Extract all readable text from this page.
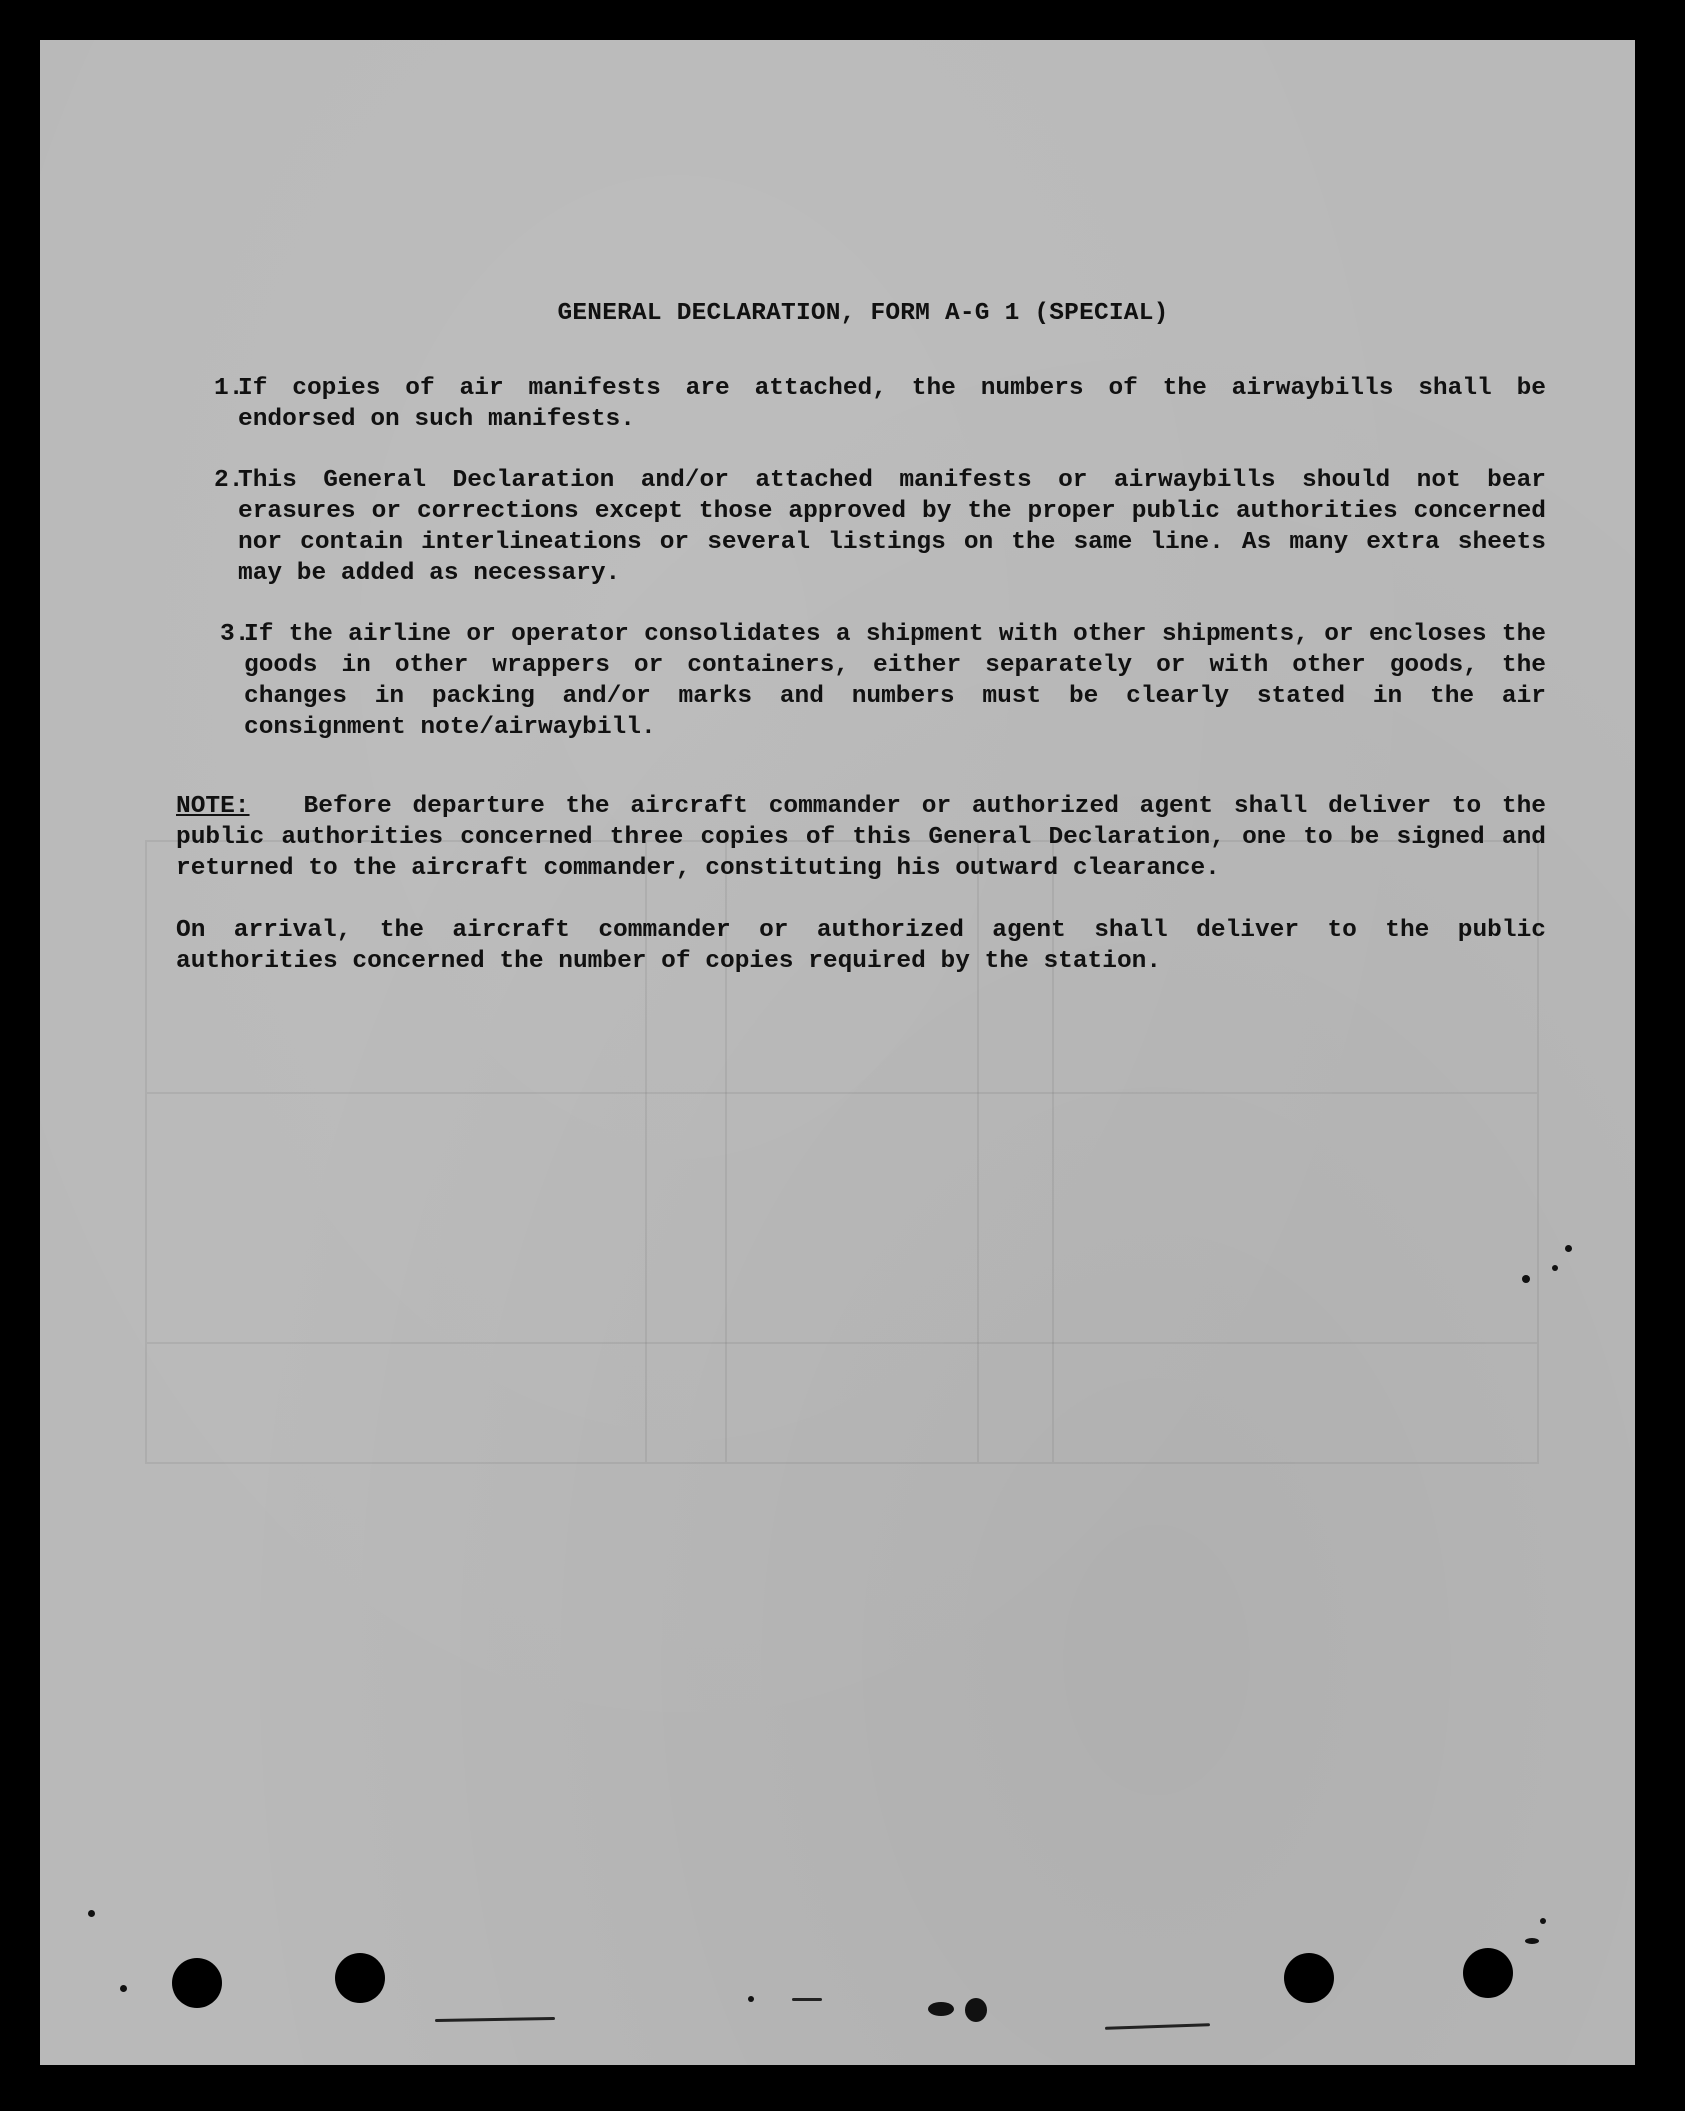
GENERAL DECLARATION, FORM A-G 1 (SPECIAL)
1.
If copies of air manifests are attached, the numbers of the airwaybills shall be endorsed on such manifests.
2.
This General Declaration and/or attached manifests or airwaybills should not bear erasures or corrections except those approved by the proper public authorities concerned nor contain interlineations or several listings on the same line. As many extra sheets may be added as necessary.
3.
If the airline or operator consolidates a shipment with other shipments, or encloses the goods in other wrappers or containers, either separately or with other goods, the changes in packing and/or marks and numbers must be clearly stated in the air consignment note/airwaybill.
NOTE: Before departure the aircraft commander or authorized agent shall deliver to the public authorities concerned three copies of this General Declaration, one to be signed and returned to the aircraft commander, constituting his outward clearance.
On arrival, the aircraft commander or authorized agent shall deliver to the public authorities concerned the number of copies required by the station.
